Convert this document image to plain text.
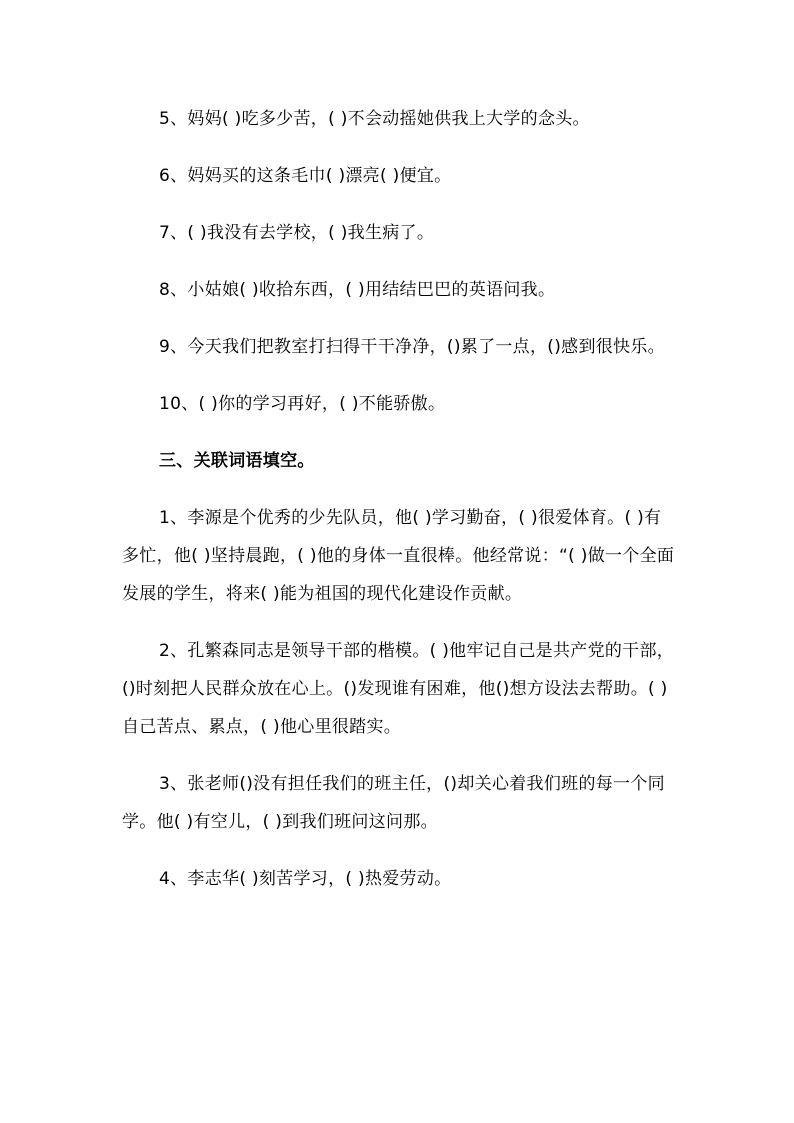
5、妈妈( )吃多少苦，( )不会动摇她供我上大学的念头。

6、妈妈买的这条毛巾( )漂亮( )便宜。

7、( )我没有去学校，( )我生病了。

8、小姑娘( )收拾东西，( )用结结巴巴的英语问我。

9、今天我们把教室打扫得干干净净，()累了一点，()感到很快乐。

10、( )你的学习再好，( )不能骄傲。

三、关联词语填空。

1、李源是个优秀的少先队员，他( )学习勤奋，( )很爱体育。( )有多忙，他( )坚持晨跑，( )他的身体一直很棒。他经常说：“( )做一个全面发展的学生，将来( )能为祖国的现代化建设作贡献。

2、孔繁森同志是领导干部的楷模。( )他牢记自己是共产党的干部，()时刻把人民群众放在心上。()发现谁有困难，他()想方设法去帮助。( )自己苦点、累点，( )他心里很踏实。

3、张老师()没有担任我们的班主任，()却关心着我们班的每一个同学。他( )有空儿，( )到我们班问这问那。

4、李志华( )刻苦学习，( )热爱劳动。
